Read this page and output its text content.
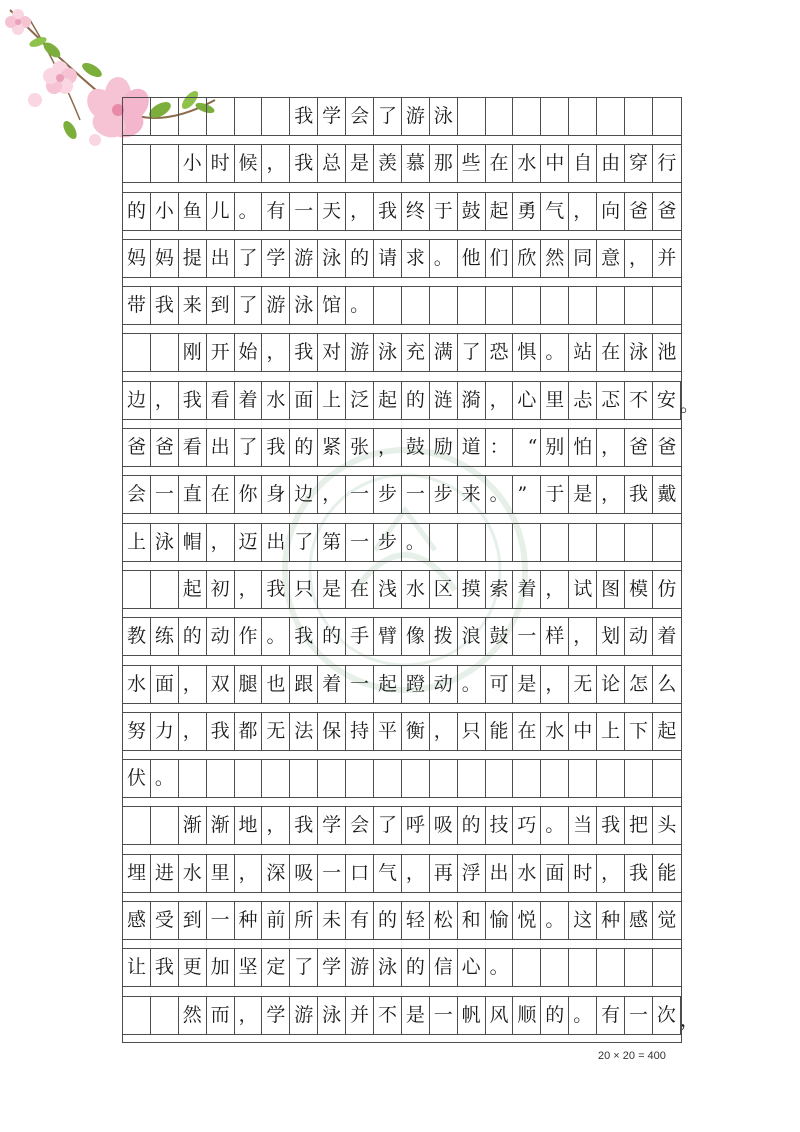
我 学 会 了 游 泳
小 时 候 ， 我 总 是 羡 慕 那 些 在 水 中 自 由 穿 行
的 小 鱼 儿 。 有 一 天 ， 我 终 于 鼓 起 勇 气 ， 向 爸 爸
妈 妈 提 出 了 学 游 泳 的 请 求 。 他 们 欣 然 同 意 ， 并
带 我 来 到 了 游 泳 馆 。
刚 开 始 ， 我 对 游 泳 充 满 了 恐 惧 。 站 在 泳 池
边 ， 我 看 着 水 面 上 泛 起 的 涟 漪 ， 心 里 忐 忑 不 安 。
爸 爸 看 出 了 我 的 紧 张 ， 鼓 励 道 ：	“ 别 怕 ， 爸 爸
会 一 直 在 你 身 边 ， 一 步 一 步 来 。 ” 于 是 ， 我 戴
上 泳 帽 ， 迈 出 了 第 一 步 。
起 初 ， 我 只 是 在 浅 水 区 摸 索 着 ， 试 图 模 仿
教 练 的 动 作 。 我 的 手 臂 像 拨 浪 鼓 一 样 ， 划 动 着
水 面 ， 双 腿 也 跟 着 一 起 蹬 动 。 可 是 ， 无 论 怎 么
努 力 ， 我 都 无 法 保 持 平 衡 ， 只 能 在 水 中 上 下 起
伏 。
渐 渐 地 ， 我 学 会 了 呼 吸 的 技 巧 。 当 我 把 头
埋 进 水 里 ， 深 吸 一 口 气 ， 再 浮 出 水 面 时 ， 我 能
感 受 到 一 种 前 所 未 有 的 轻 松 和 愉 悦 。 这 种 感 觉
让 我 更 加 坚 定 了 学 游 泳 的 信 心 。
然 而 ， 学 游 泳 并 不 是 一 帆 风 顺 的 。 有 一 次 ，
20 × 20 = 400
